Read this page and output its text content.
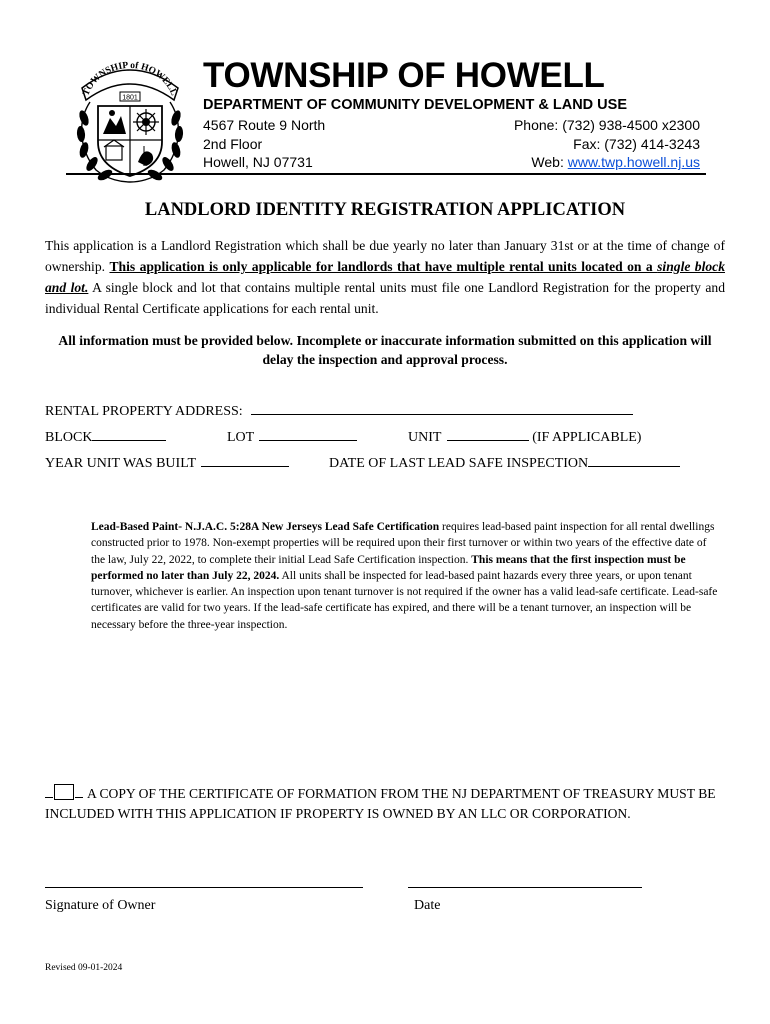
TOWNSHIP of HOWELL
1801
TOWNSHIP OF HOWELL
DEPARTMENT OF COMMUNITY DEVELOPMENT & LAND USE
4567 Route 9 North
2nd Floor
Howell, NJ 07731
Phone: (732) 938-4500 x2300
Fax: (732) 414-3243
Web: www.twp.howell.nj.us
LANDLORD IDENTITY REGISTRATION APPLICATION
This application is a Landlord Registration which shall be due yearly no later than January 31st or at the time of change of ownership. This application is only applicable for landlords that have multiple rental units located on a single block and lot. A single block and lot that contains multiple rental units must file one Landlord Registration for the property and individual Rental Certificate applications for each rental unit.
All information must be provided below. Incomplete or inaccurate information submitted on this application will delay the inspection and approval process.
RENTAL PROPERTY ADDRESS:
BLOCK	LOT	UNIT	(IF APPLICABLE)
YEAR UNIT WAS BUILT	DATE OF LAST LEAD SAFE INSPECTION
Lead-Based Paint- N.J.A.C. 5:28A New Jerseys Lead Safe Certification requires lead-based paint inspection for all rental dwellings constructed prior to 1978. Non-exempt properties will be required upon their first turnover or within two years of the effective date of the law, July 22, 2022, to complete their initial Lead Safe Certification inspection. This means that the first inspection must be performed no later than July 22, 2024. All units shall be inspected for lead-based paint hazards every three years, or upon tenant turnover, whichever is earlier. An inspection upon tenant turnover is not required if the owner has a valid lead-safe certificate. Lead-safe certificates are valid for two years. If the lead-safe certificate has expired, and there will be a tenant turnover, an inspection will be necessary before the three-year inspection.
A COPY OF THE CERTIFICATE OF FORMATION FROM THE NJ DEPARTMENT OF TREASURY MUST BE INCLUDED WITH THIS APPLICATION IF PROPERTY IS OWNED BY AN LLC OR CORPORATION.
Signature of Owner	Date
Revised 09-01-2024
